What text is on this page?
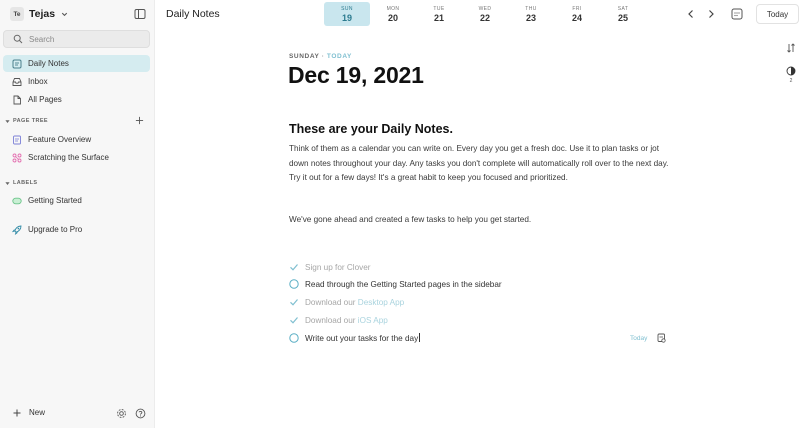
Te Tejas
Search
Daily Notes
Inbox
All Pages
PAGE TREE
Feature Overview
Scratching the Surface
LABELS
Getting Started
Upgrade to Pro
New
Daily Notes	SUN
19
MON
20
TUE
21
WED
22
THU
23
FRI
24
SAT
25	Today
2
SUNDAY · TODAY
Dec 19, 2021
These are your Daily Notes.
Think of them as a calendar you can write on. Every day you get a fresh doc. Use it to plan tasks or jot down notes throughout your day. Any tasks you don't complete will automatically roll over to the next day. Try it out for a few days! It's a great habit to keep you focused and prioritized.
We've gone ahead and created a few tasks to help you get started.
Sign up for Clover
Read through the Getting Started pages in the sidebar
Download our Desktop App
Download our iOS App
Write out your tasks for the day	Today
